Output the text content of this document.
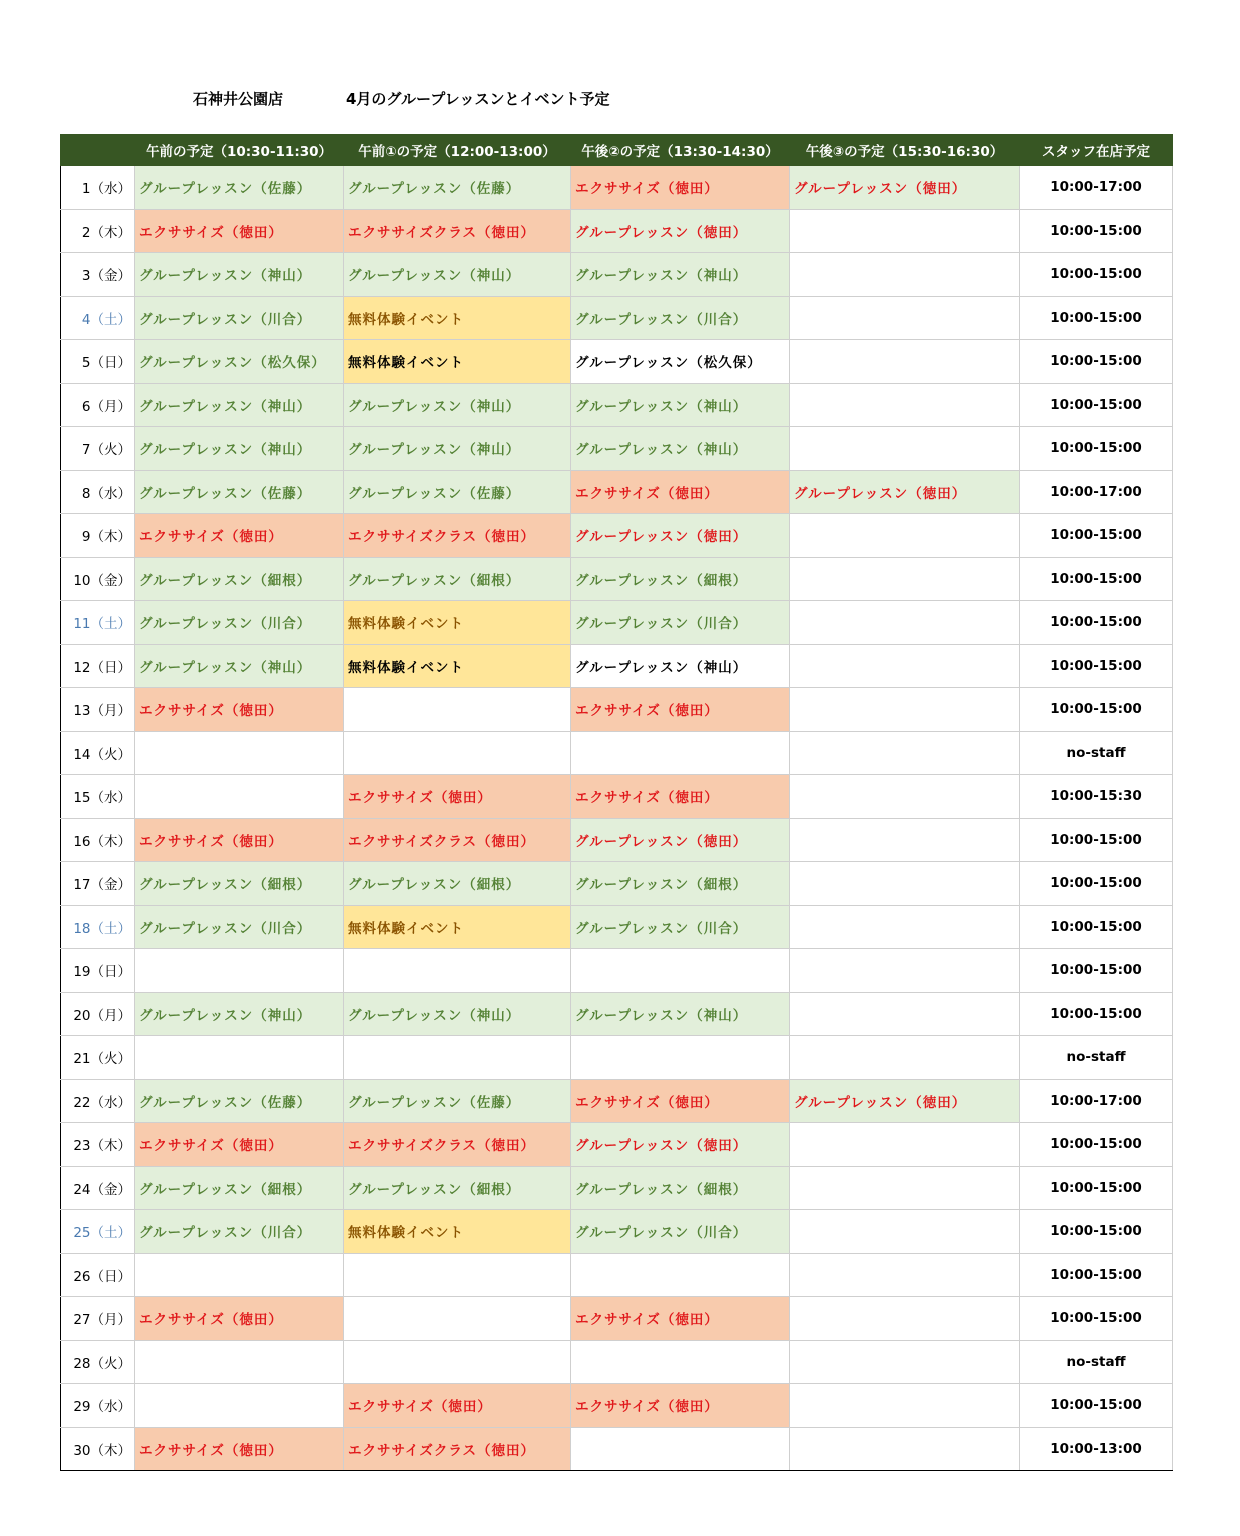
石神井公園店	4月のグループレッスンとイベント予定
	午前の予定（10:30-11:30）	午前①の予定（12:00-13:00）	午後②の予定（13:30-14:30）	午後③の予定（15:30-16:30）	スタッフ在店予定
1（水）	グループレッスン（佐藤）	グループレッスン（佐藤）	エクササイズ（徳田）	グループレッスン（徳田）	10:00-17:00
2（木）	エクササイズ（徳田）	エクササイズクラス（徳田）	グループレッスン（徳田）		10:00-15:00
3（金）	グループレッスン（神山）	グループレッスン（神山）	グループレッスン（神山）		10:00-15:00
4（土）	グループレッスン（川合）	無料体験イベント	グループレッスン（川合）		10:00-15:00
5（日）	グループレッスン（松久保）	無料体験イベント	グループレッスン（松久保）		10:00-15:00
6（月）	グループレッスン（神山）	グループレッスン（神山）	グループレッスン（神山）		10:00-15:00
7（火）	グループレッスン（神山）	グループレッスン（神山）	グループレッスン（神山）		10:00-15:00
8（水）	グループレッスン（佐藤）	グループレッスン（佐藤）	エクササイズ（徳田）	グループレッスン（徳田）	10:00-17:00
9（木）	エクササイズ（徳田）	エクササイズクラス（徳田）	グループレッスン（徳田）		10:00-15:00
10（金）	グループレッスン（細根）	グループレッスン（細根）	グループレッスン（細根）		10:00-15:00
11（土）	グループレッスン（川合）	無料体験イベント	グループレッスン（川合）		10:00-15:00
12（日）	グループレッスン（神山）	無料体験イベント	グループレッスン（神山）		10:00-15:00
13（月）	エクササイズ（徳田）		エクササイズ（徳田）		10:00-15:00
14（火）					no-staff
15（水）		エクササイズ（徳田）	エクササイズ（徳田）		10:00-15:30
16（木）	エクササイズ（徳田）	エクササイズクラス（徳田）	グループレッスン（徳田）		10:00-15:00
17（金）	グループレッスン（細根）	グループレッスン（細根）	グループレッスン（細根）		10:00-15:00
18（土）	グループレッスン（川合）	無料体験イベント	グループレッスン（川合）		10:00-15:00
19（日）					10:00-15:00
20（月）	グループレッスン（神山）	グループレッスン（神山）	グループレッスン（神山）		10:00-15:00
21（火）					no-staff
22（水）	グループレッスン（佐藤）	グループレッスン（佐藤）	エクササイズ（徳田）	グループレッスン（徳田）	10:00-17:00
23（木）	エクササイズ（徳田）	エクササイズクラス（徳田）	グループレッスン（徳田）		10:00-15:00
24（金）	グループレッスン（細根）	グループレッスン（細根）	グループレッスン（細根）		10:00-15:00
25（土）	グループレッスン（川合）	無料体験イベント	グループレッスン（川合）		10:00-15:00
26（日）					10:00-15:00
27（月）	エクササイズ（徳田）		エクササイズ（徳田）		10:00-15:00
28（火）					no-staff
29（水）		エクササイズ（徳田）	エクササイズ（徳田）		10:00-15:00
30（木）	エクササイズ（徳田）	エクササイズクラス（徳田）			10:00-13:00
